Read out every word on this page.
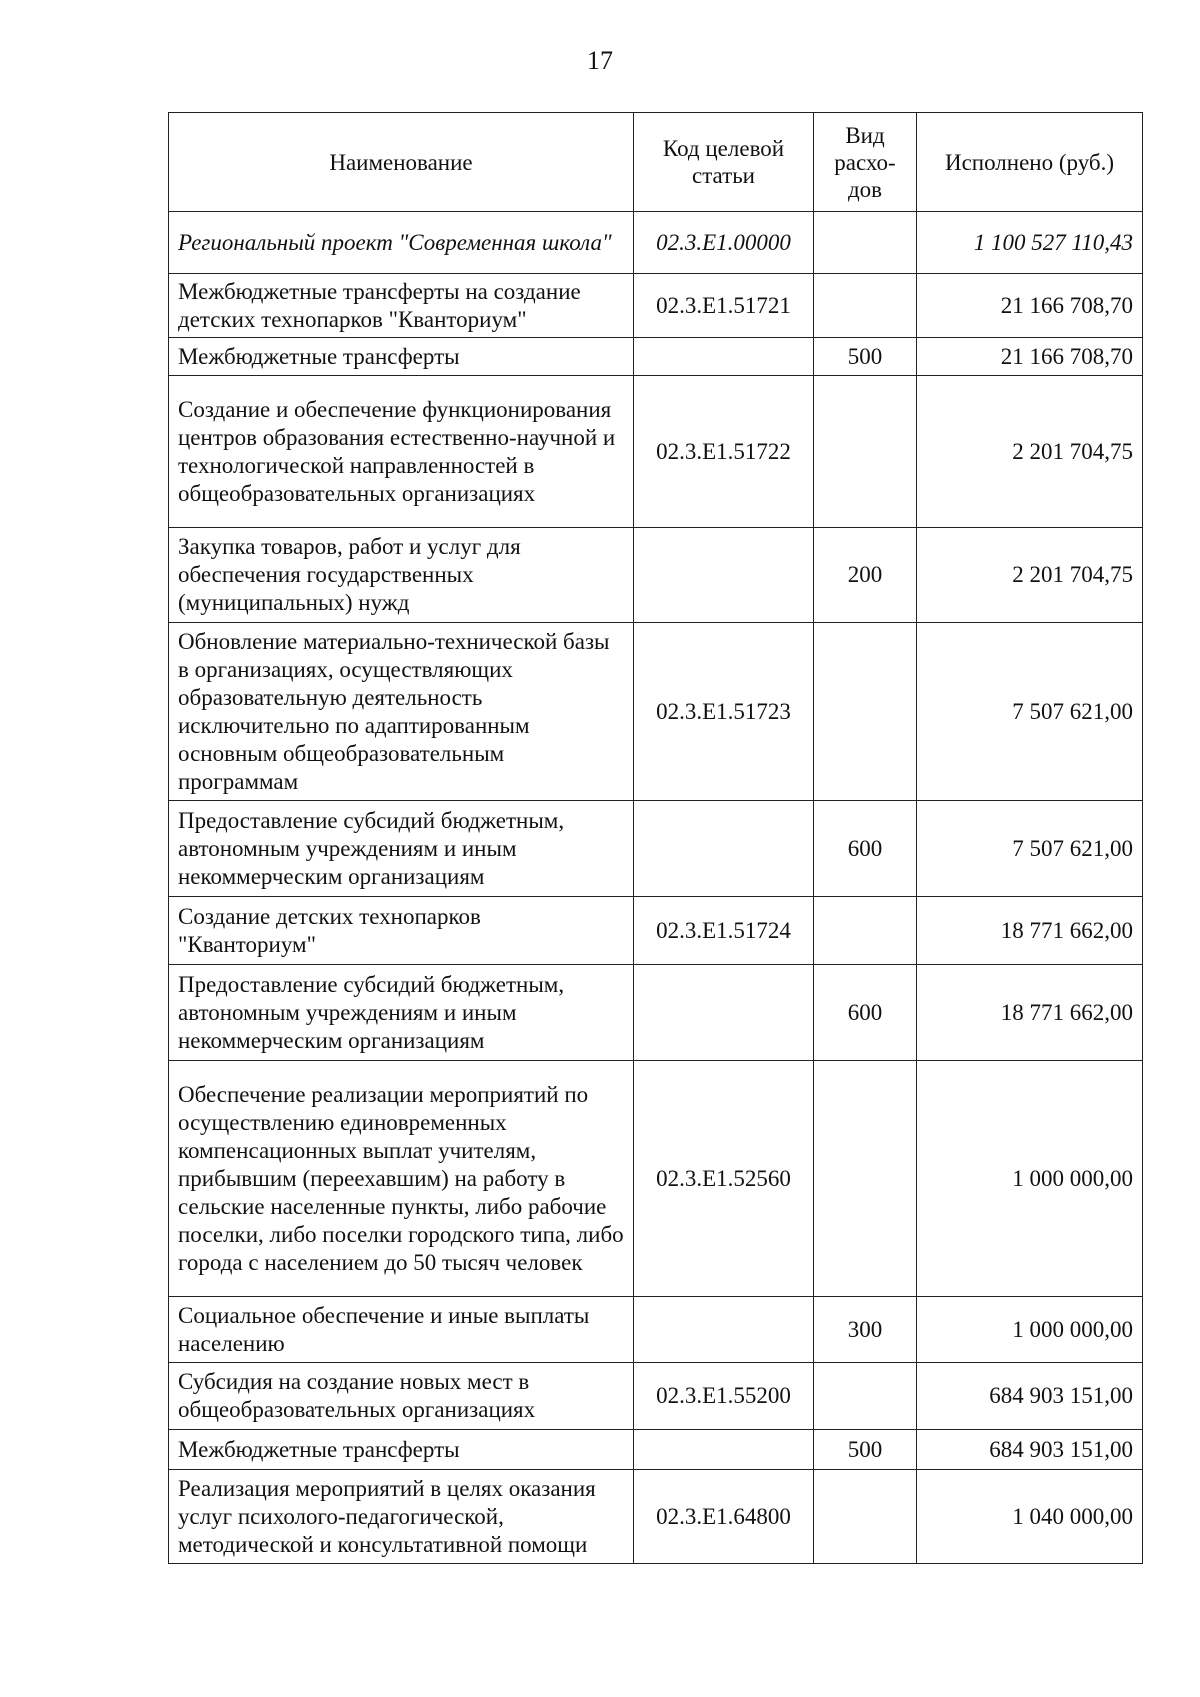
17
Наименование	Код целевой статьи	Вид расхо-дов	Исполнено (руб.)
Региональный проект "Современная школа"	02.3.Е1.00000		1 100 527 110,43
Межбюджетные трансферты на создание детских технопарков "Кванториум"	02.3.Е1.51721		21 166 708,70
Межбюджетные трансферты		500	21 166 708,70
Создание и обеспечение функционирования центров образования естественно-научной и технологической направленностей в общеобразовательных организациях	02.3.Е1.51722		2 201 704,75
Закупка товаров, работ и услуг для обеспечения государственных (муниципальных) нужд		200	2 201 704,75
Обновление материально-технической базы в организациях, осуществляющих образовательную деятельность исключительно по адаптированным основным общеобразовательным программам	02.3.Е1.51723		7 507 621,00
Предоставление субсидий бюджетным, автономным учреждениям и иным некоммерческим организациям		600	7 507 621,00
Создание детских технопарков "Кванториум"	02.3.Е1.51724		18 771 662,00
Предоставление субсидий бюджетным, автономным учреждениям и иным некоммерческим организациям		600	18 771 662,00
Обеспечение реализации мероприятий по осуществлению единовременных компенсационных выплат учителям, прибывшим (переехавшим) на работу в сельские населенные пункты, либо рабочие поселки, либо поселки городского типа, либо города с населением до 50 тысяч человек	02.3.Е1.52560		1 000 000,00
Социальное обеспечение и иные выплаты населению		300	1 000 000,00
Субсидия на создание новых мест в общеобразовательных организациях	02.3.Е1.55200		684 903 151,00
Межбюджетные трансферты		500	684 903 151,00
Реализация мероприятий в целях оказания услуг психолого-педагогической, методической и консультативной помощи	02.3.Е1.64800		1 040 000,00
